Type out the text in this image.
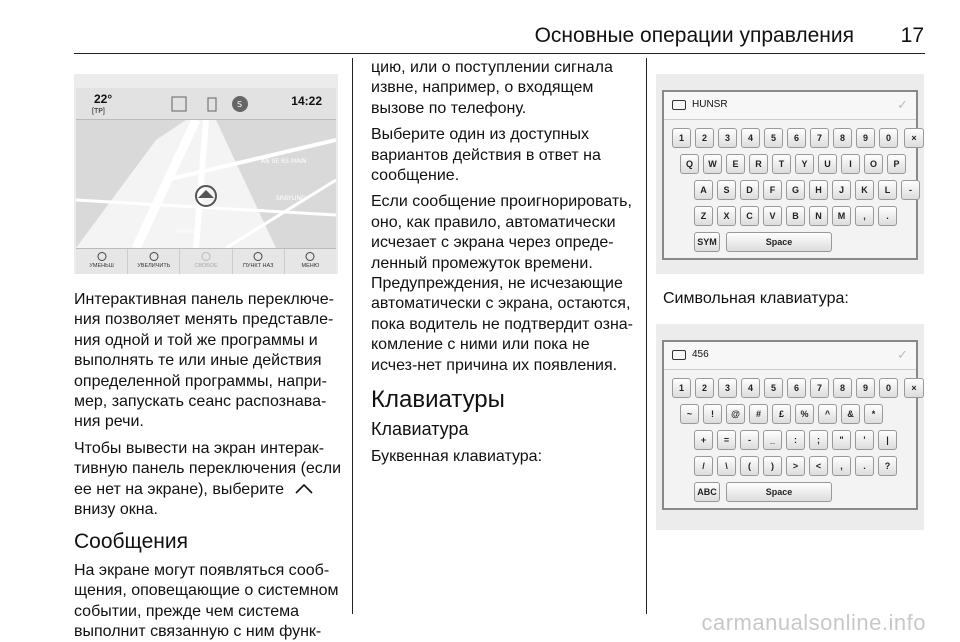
Основные операции управления 17
22°
[TP]
S	14:22
AN 9E RS MAIN
Helweg
SRBYLING
УМЕНЬШ	УВЕЛИЧИТЬ	СВОБОЕ	ПУНКТ НАЗ	МЕНЮ

Интерактивная панель переключе-ния позволяет менять представле-ния одной и той же программы и выполнять те или иные действия определенной программы, напри-мер, запускать сеанс распознава-ния речи.

Чтобы вывести на экран интерак-тивную панель переключения (если ее нет на экране), выберите внизу окна.

Сообщения

На экране могут появляться сооб-щения, оповещающие о системном событии, прежде чем система выполнит связанную с ним функ-

цию, или о поступлении сигнала извне, например, о входящем вызове по телефону.

Выберите один из доступных вариантов действия в ответ на сообщение.

Если сообщение проигнорировать, оно, как правило, автоматически исчезает с экрана через опреде-ленный промежуток времени. Предупреждения, не исчезающие автоматически с экрана, остаются, пока водитель не подтвердит озна-комление с ними или пока не исчез-нет причина их появления.

Клавиатуры
Клавиатура

Буквенная клавиатура:

HUNSR	✓
1	2	3	4	5	6	7	8	9	0
Q	W	E	R	T	Y	U	I	O	P
A	S	D	F	G	H	J	K	L	-
Z	X	C	V	B	N	M	,	.
×
SYM	Space

Символьная клавиатура:

456	✓
1	2	3	4	5	6	7	8	9	0
~	!	@	#	£	%	^	&	*
+	=	-	_	:	;	"	'	|
/	\	(	)	>	<	,	.	?
×
ABC	Space
carmanualsonline.info
